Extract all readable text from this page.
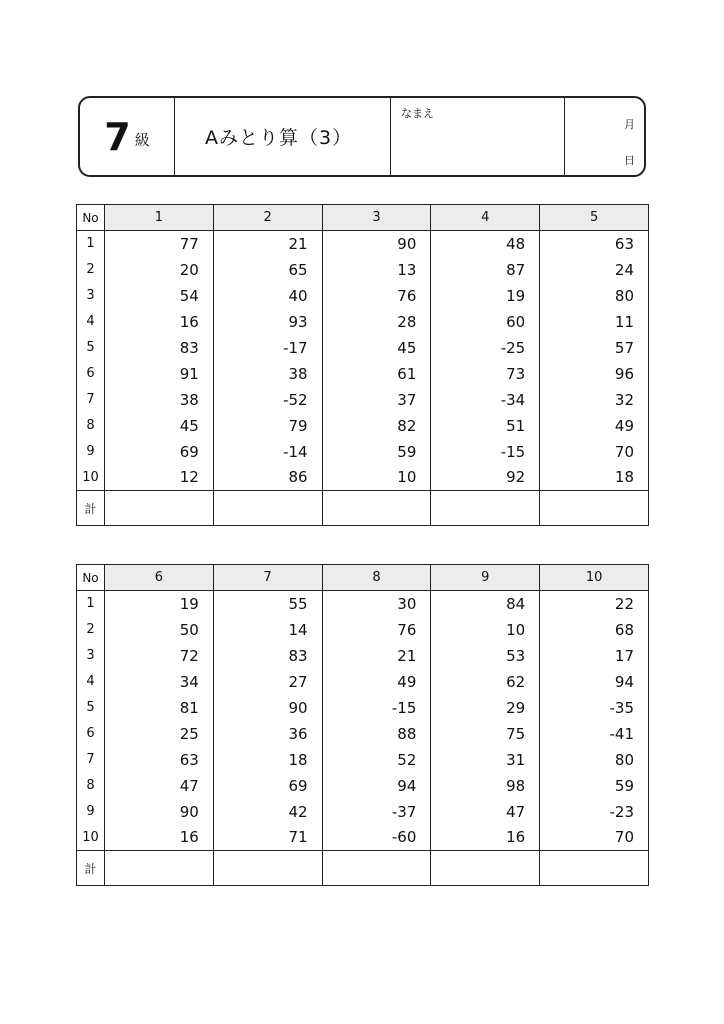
7 級	Aみとり算（3）
なまえ
月
日
No	1	2	3	4	5
1	77	21	90	48	63
2	20	65	13	87	24
3	54	40	76	19	80
4	16	93	28	60	11
5	83	-17	45	-25	57
6	91	38	61	73	96
7	38	-52	37	-34	32
8	45	79	82	51	49
9	69	-14	59	-15	70
10	12	86	10	92	18
計					
No	6	7	8	9	10
1	19	55	30	84	22
2	50	14	76	10	68
3	72	83	21	53	17
4	34	27	49	62	94
5	81	90	-15	29	-35
6	25	36	88	75	-41
7	63	18	52	31	80
8	47	69	94	98	59
9	90	42	-37	47	-23
10	16	71	-60	16	70
計					
